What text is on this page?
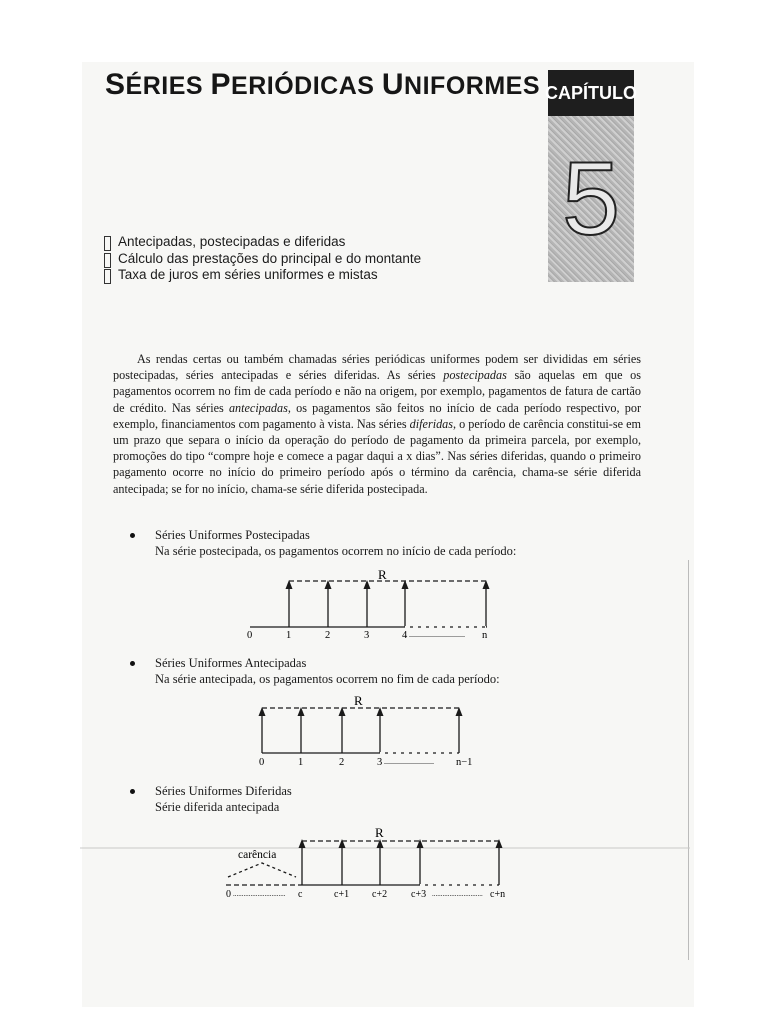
SÉRIES PERIÓDICAS UNIFORMES CAPÍTULO
5
Antecipadas, postecipadas e diferidas
Cálculo das prestações do principal e do montante
Taxa de juros em séries uniformes e mistas
As rendas certas ou também chamadas séries periódicas uniformes podem ser divididas em séries postecipadas, séries antecipadas e séries diferidas. As séries postecipadas são aquelas em que os pagamentos ocorrem no fim de cada período e não na origem, por exemplo, pagamentos de fatura de cartão de crédito. Nas séries antecipadas, os pagamentos são feitos no início de cada período respectivo, por exemplo, financiamentos com pagamento à vista. Nas séries diferidas, o período de carência constitui-se em um prazo que separa o início da operação do período de pagamento da primeira parcela, por exemplo, promoções do tipo “compre hoje e comece a pagar daqui a x dias”. Nas séries diferidas, quando o primeiro pagamento ocorre no início do primeiro período após o término da carência, chama-se série diferida antecipada; se for no início, chama-se série diferida postecipada.
Séries Uniformes Postecipadas
Na série postecipada, os pagamentos ocorrem no início de cada período:
R
0	1	2	3	4 ............................ n
Séries Uniformes Antecipadas
Na série antecipada, os pagamentos ocorrem no fim de cada período:
R
0	1	2	3 ......................... n−1
Séries Uniformes Diferidas
Série diferida antecipada
R
carência
0 .............................. c	c+1 c+2 c+3 ............................. c+n
